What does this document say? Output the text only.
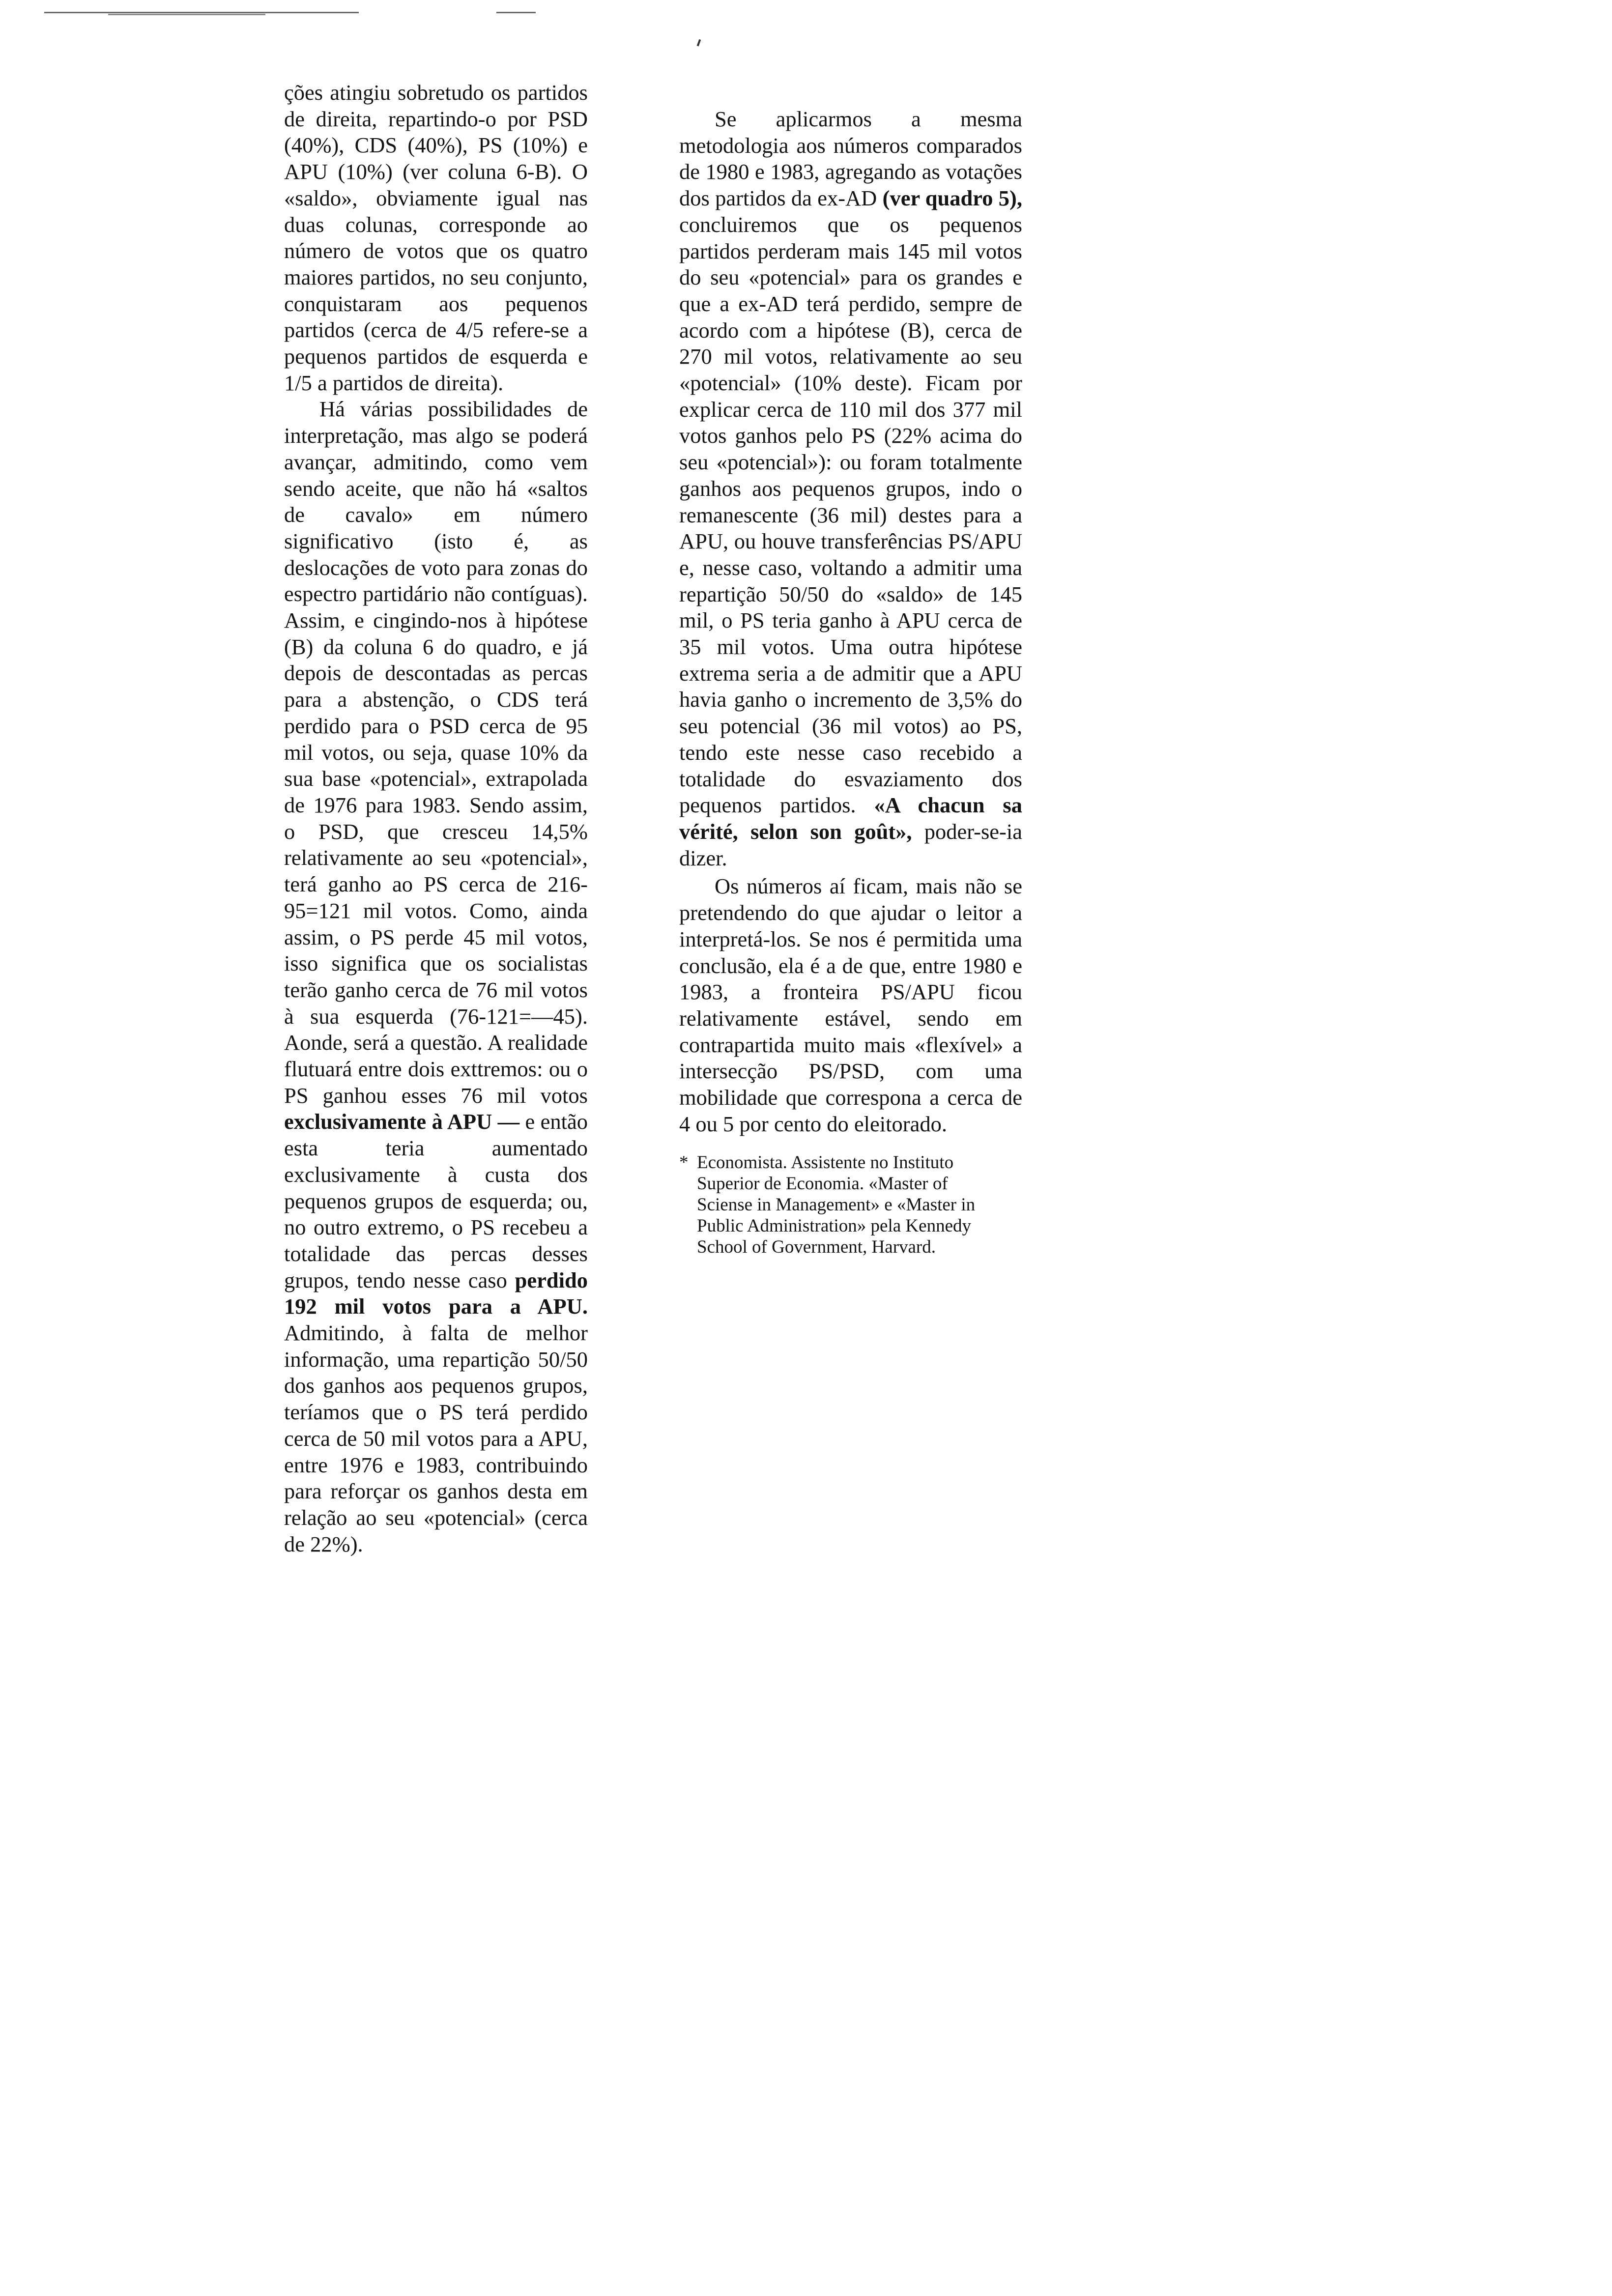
ções atingiu sobretudo os partidos de direita, repartindo-o por PSD (40%), CDS (40%), PS (10%) e APU (10%) (ver coluna 6-B). O «saldo», obviamente igual nas duas colunas, corresponde ao número de votos que os quatro maiores partidos, no seu conjunto, conquistaram aos pequenos partidos (cerca de 4/5 refere-se a pequenos partidos de esquerda e 1/5 a partidos de direita).

Há várias possibilidades de interpretação, mas algo se poderá avançar, admitindo, como vem sendo aceite, que não há «saltos de cavalo» em número significativo (isto é, as deslocações de voto para zonas do espectro partidário não contíguas). Assim, e cingindo-nos à hipótese (B) da coluna 6 do quadro, e já depois de descontadas as percas para a abstenção, o CDS terá perdido para o PSD cerca de 95 mil votos, ou seja, quase 10% da sua base «potencial», extrapolada de 1976 para 1983. Sendo assim, o PSD, que cresceu 14,5% relativamente ao seu «potencial», terá ganho ao PS cerca de 216-95=121 mil votos. Como, ainda assim, o PS perde 45 mil votos, isso significa que os socialistas terão ganho cerca de 76 mil votos à sua esquerda (76-121=—45). Aonde, será a questão. A realidade flutuará entre dois exttremos: ou o PS ganhou esses 76 mil votos exclusivamente à APU — e então esta teria aumentado exclusivamente à custa dos pequenos grupos de esquerda; ou, no outro extremo, o PS recebeu a totalidade das percas desses grupos, tendo nesse caso perdido 192 mil votos para a APU. Admitindo, à falta de melhor informação, uma repartição 50/50 dos ganhos aos pequenos grupos, teríamos que o PS terá perdido cerca de 50 mil votos para a APU, entre 1976 e 1983, contribuindo para reforçar os ganhos desta em relação ao seu «potencial» (cerca de 22%).

Se aplicarmos a mesma metodologia aos números comparados de 1980 e 1983, agregando as votações dos partidos da ex-AD (ver quadro 5), concluiremos que os pequenos partidos perderam mais 145 mil votos do seu «potencial» para os grandes e que a ex-AD terá perdido, sempre de acordo com a hipótese (B), cerca de 270 mil votos, relativamente ao seu «potencial» (10% deste). Ficam por explicar cerca de 110 mil dos 377 mil votos ganhos pelo PS (22% acima do seu «potencial»): ou foram totalmente ganhos aos pequenos grupos, indo o remanescente (36 mil) destes para a APU, ou houve transferências PS/APU e, nesse caso, voltando a admitir uma repartição 50/50 do «saldo» de 145 mil, o PS teria ganho à APU cerca de 35 mil votos. Uma outra hipótese extrema seria a de admitir que a APU havia ganho o incremento de 3,5% do seu potencial (36 mil votos) ao PS, tendo este nesse caso recebido a totalidade do esvaziamento dos pequenos partidos. «A chacun sa vérité, selon son goût», poder-se-ia dizer.

Os números aí ficam, mais não se pretendendo do que ajudar o leitor a interpretá-los. Se nos é permitida uma conclusão, ela é a de que, entre 1980 e 1983, a fronteira PS/APU ficou relativamente estável, sendo em contrapartida muito mais «flexível» a intersecção PS/PSD, com uma mobilidade que correspona a cerca de 4 ou 5 por cento do eleitorado.

* Economista. Assistente no Instituto Superior de Economia. «Master of Sciense in Management» e «Master in Public Administration» pela Kennedy School of Government, Harvard.
